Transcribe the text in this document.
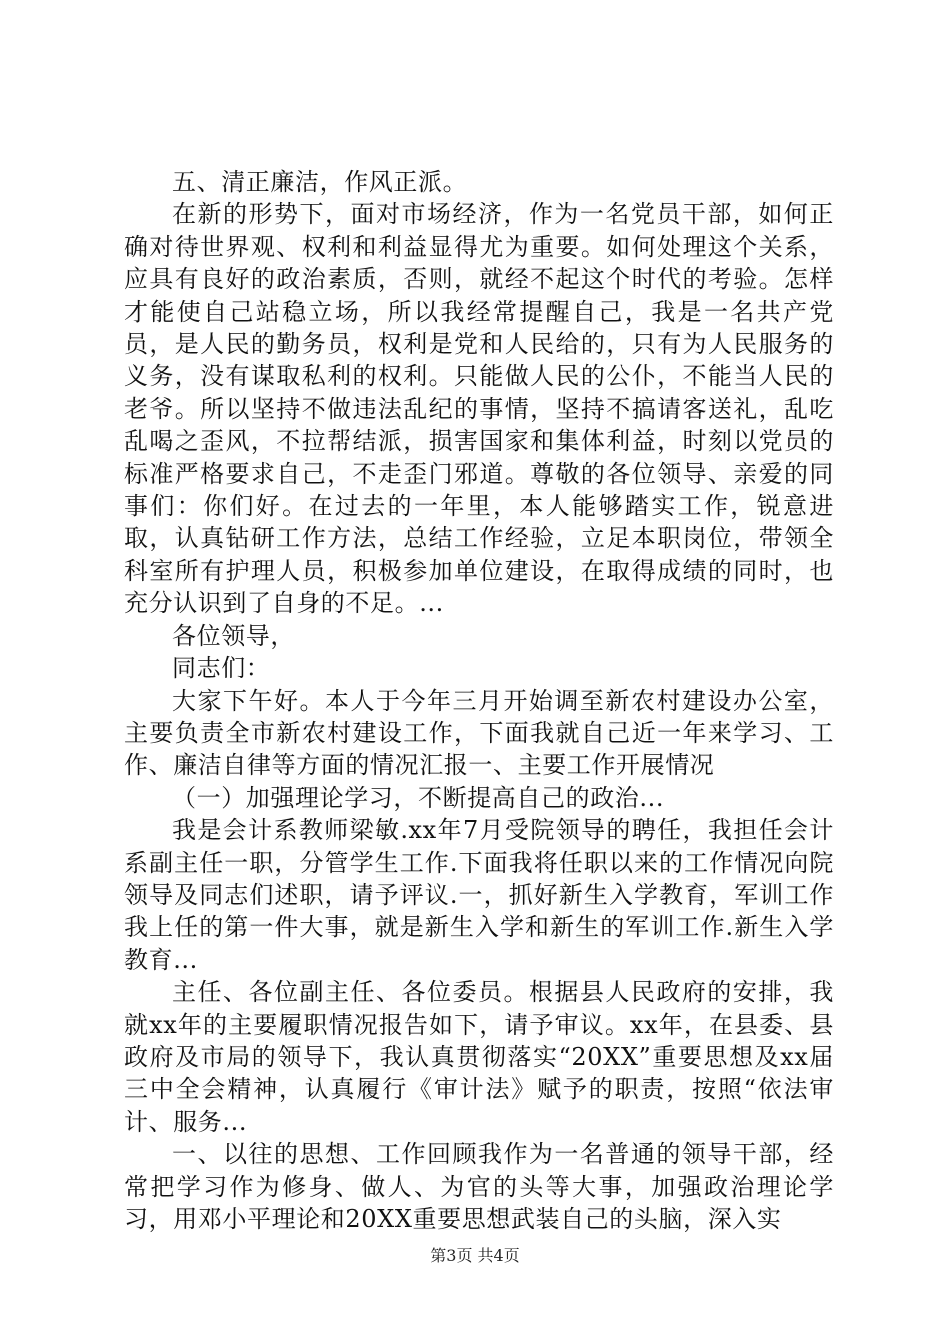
五、清正廉洁，作风正派。

在新的形势下，面对市场经济，作为一名党员干部，如何正确对待世界观、权利和利益显得尤为重要。如何处理这个关系，应具有良好的政治素质，否则，就经不起这个时代的考验。怎样才能使自己站稳立场，所以我经常提醒自己，我是一名共产党员，是人民的勤务员，权利是党和人民给的，只有为人民服务的义务，没有谋取私利的权利。只能做人民的公仆，不能当人民的老爷。所以坚持不做违法乱纪的事情，坚持不搞请客送礼，乱吃乱喝之歪风，不拉帮结派，损害国家和集体利益，时刻以党员的标准严格要求自己，不走歪门邪道。尊敬的各位领导、亲爱的同事们：你们好。在过去的一年里，本人能够踏实工作，锐意进取，认真钻研工作方法，总结工作经验，立足本职岗位，带领全科室所有护理人员，积极参加单位建设，在取得成绩的同时，也充分认识到了自身的不足。...

各位领导，

同志们：

大家下午好。本人于今年三月开始调至新农村建设办公室，主要负责全市新农村建设工作，下面我就自己近一年来学习、工作、廉洁自律等方面的情况汇报一、主要工作开展情况

（一）加强理论学习，不断提高自己的政治...

我是会计系教师梁敏.xx年7月受院领导的聘任，我担任会计系副主任一职，分管学生工作.下面我将任职以来的工作情况向院领导及同志们述职，请予评议.一，抓好新生入学教育，军训工作我上任的第一件大事，就是新生入学和新生的军训工作.新生入学教育...

主任、各位副主任、各位委员。根据县人民政府的安排，我就xx年的主要履职情况报告如下，请予审议。xx年，在县委、县政府及市局的领导下，我认真贯彻落实“20XX”重要思想及xx届三中全会精神，认真履行《审计法》赋予的职责，按照“依法审计、服务...

一、以往的思想、工作回顾我作为一名普通的领导干部，经常把学习作为修身、做人、为官的头等大事，加强政治理论学习，用邓小平理论和20XX重要思想武装自己的头脑，深入实

第3页 共4页
